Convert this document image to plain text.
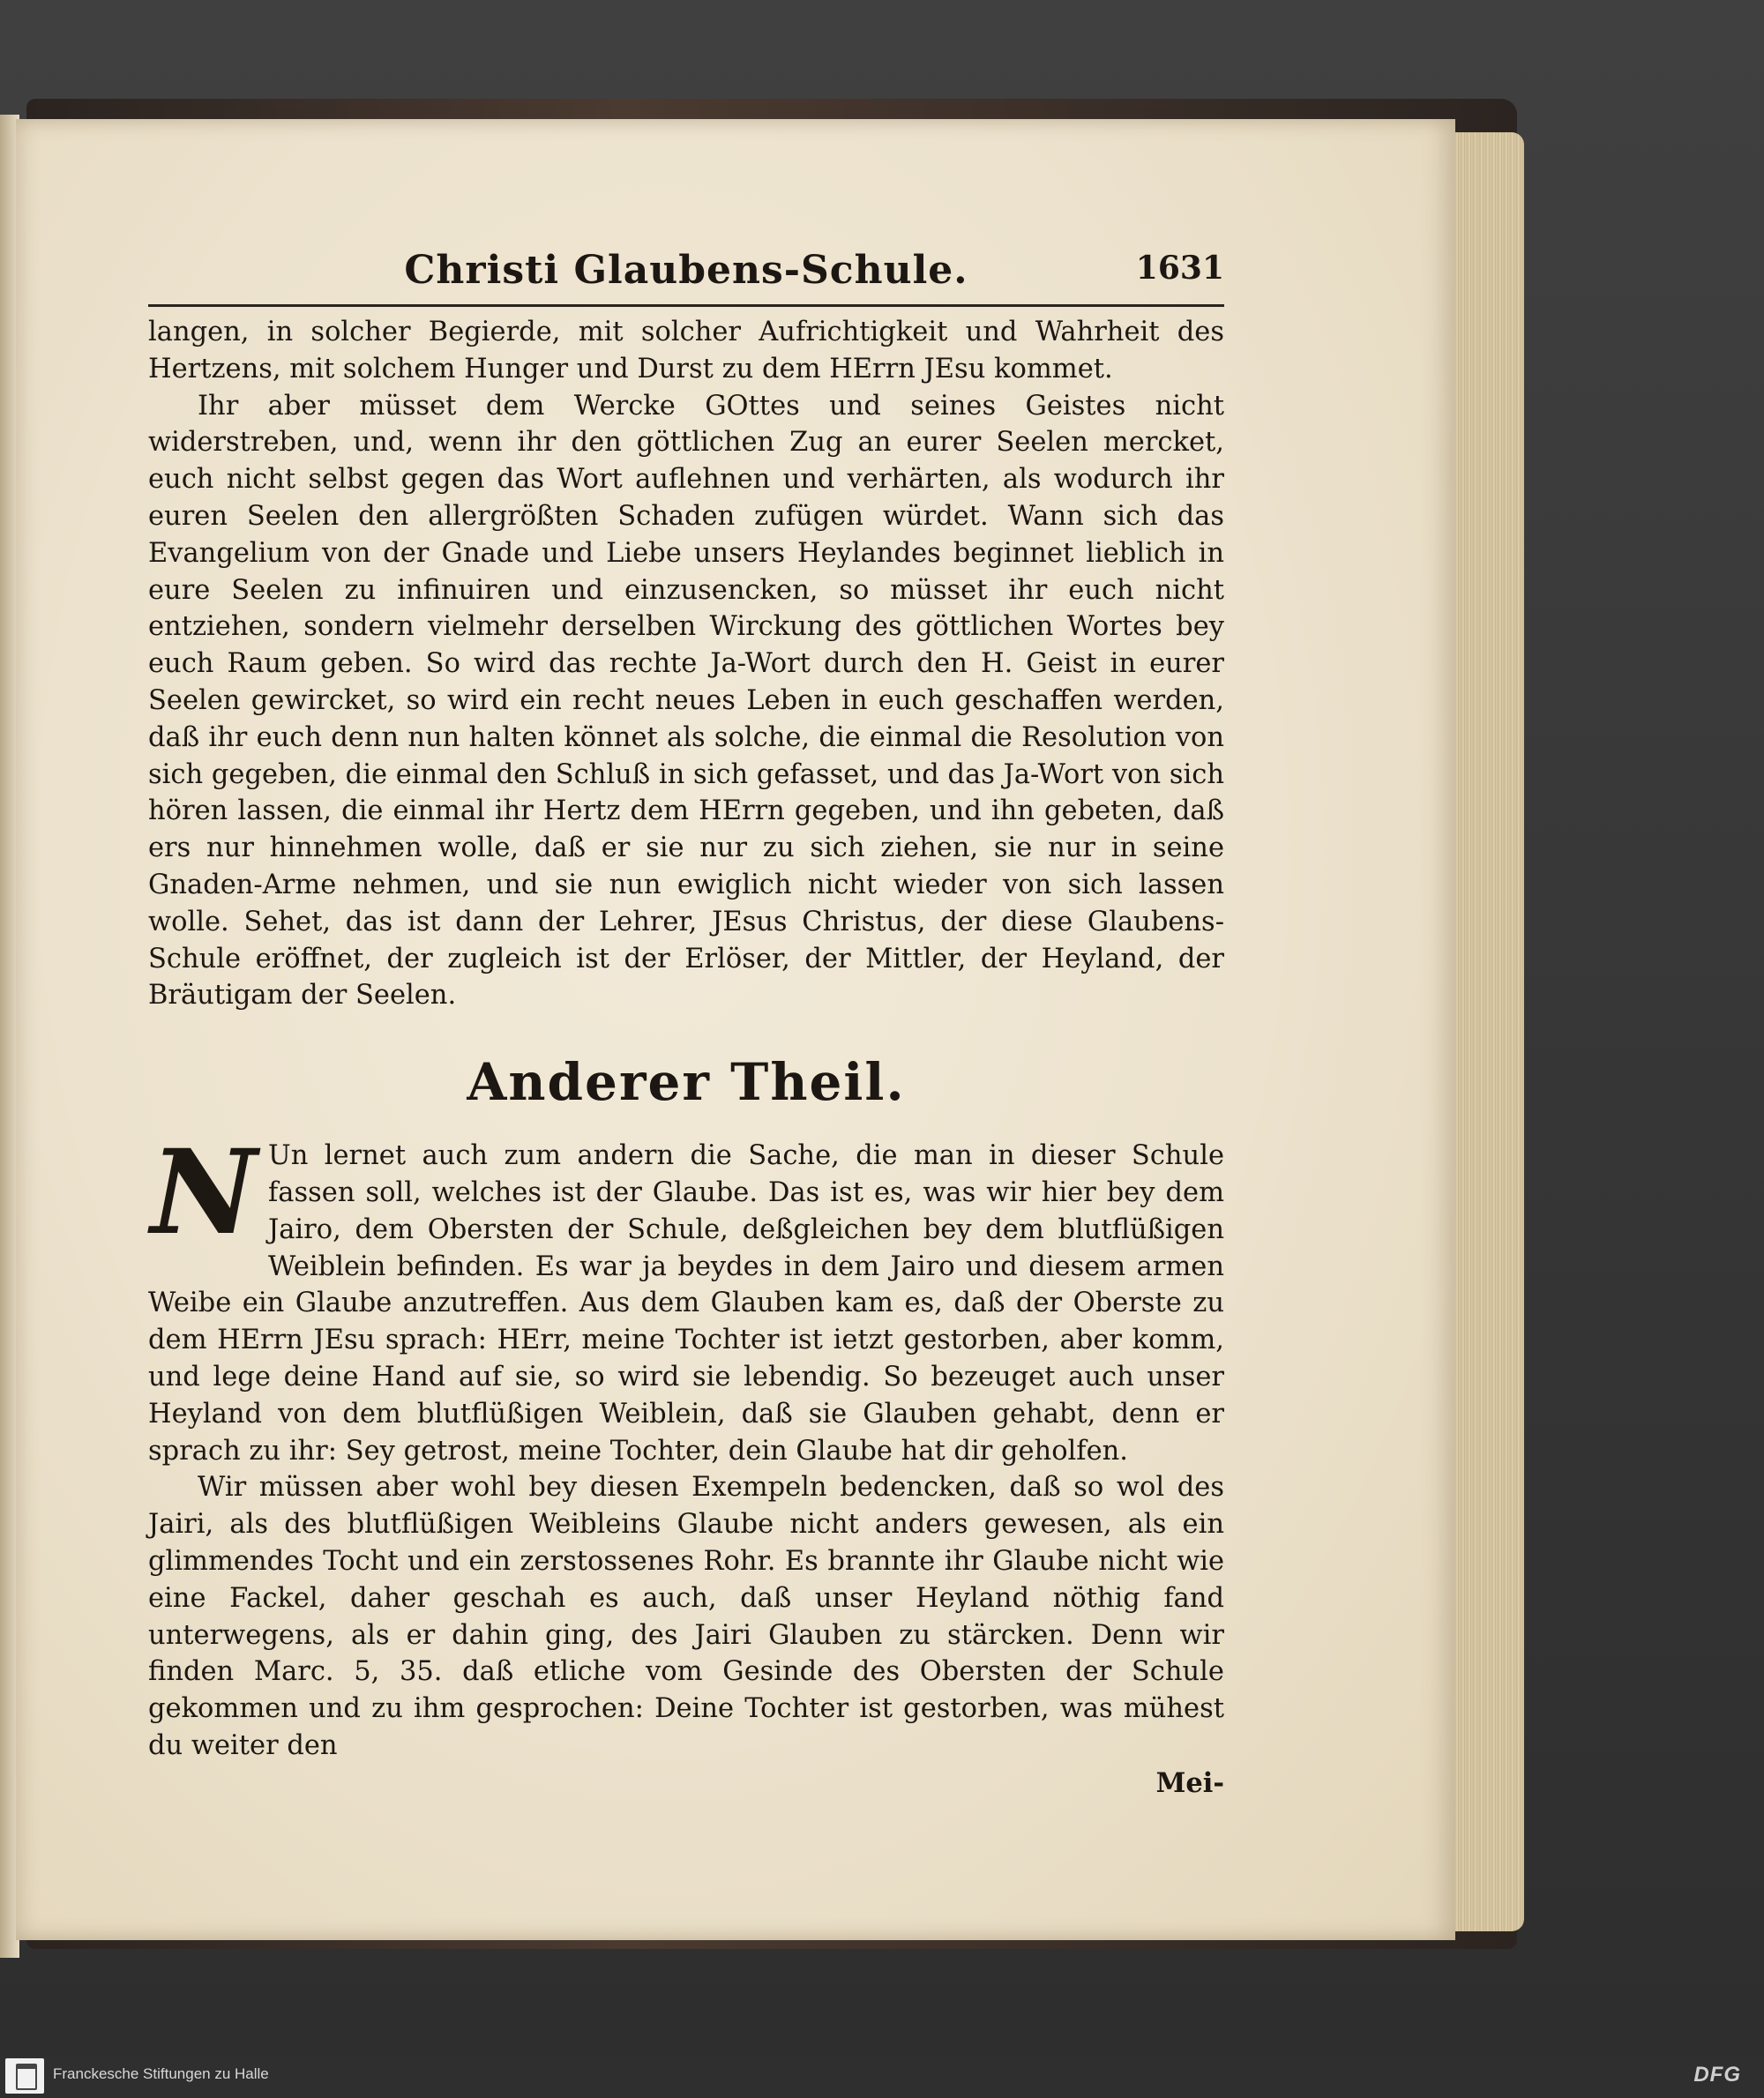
Christi Glaubens-Schule.	1631

langen, in solcher Begierde, mit solcher Aufrichtigkeit und Wahrheit des Hertzens, mit solchem Hunger und Durst zu dem HErrn JEsu kommet.

Ihr aber müsset dem Wercke GOttes und seines Geistes nicht widerstreben, und, wenn ihr den göttlichen Zug an eurer Seelen mercket, euch nicht selbst gegen das Wort auflehnen und verhärten, als wodurch ihr euren Seelen den allergrößten Schaden zufügen würdet. Wann sich das Evangelium von der Gnade und Liebe unsers Heylandes beginnet lieblich in eure Seelen zu infinuiren und einzusencken, so müsset ihr euch nicht entziehen, sondern vielmehr derselben Wirckung des göttlichen Wortes bey euch Raum geben. So wird das rechte Ja-Wort durch den H. Geist in eurer Seelen gewircket, so wird ein recht neues Leben in euch geschaffen werden, daß ihr euch denn nun halten könnet als solche, die einmal die Resolution von sich gegeben, die einmal den Schluß in sich gefasset, und das Ja-Wort von sich hören lassen, die einmal ihr Hertz dem HErrn gegeben, und ihn gebeten, daß ers nur hinnehmen wolle, daß er sie nur zu sich ziehen, sie nur in seine Gnaden-Arme nehmen, und sie nun ewiglich nicht wieder von sich lassen wolle. Sehet, das ist dann der Lehrer, JEsus Christus, der diese Glaubens-Schule eröffnet, der zugleich ist der Erlöser, der Mittler, der Heyland, der Bräutigam der Seelen.

Anderer Theil.
N Un lernet auch zum andern die Sache, die man in dieser Schule fassen soll, welches ist der Glaube. Das ist es, was wir hier bey dem Jairo, dem Obersten der Schule, deßgleichen bey dem blutflüßigen Weiblein befinden. Es war ja beydes in dem Jairo und diesem armen Weibe ein Glaube anzutreffen. Aus dem Glauben kam es, daß der Oberste zu dem HErrn JEsu sprach: HErr, meine Tochter ist ietzt gestorben, aber komm, und lege deine Hand auf sie, so wird sie lebendig. So bezeuget auch unser Heyland von dem blutflüßigen Weiblein, daß sie Glauben gehabt, denn er sprach zu ihr: Sey getrost, meine Tochter, dein Glaube hat dir geholfen.

Wir müssen aber wohl bey diesen Exempeln bedencken, daß so wol des Jairi, als des blutflüßigen Weibleins Glaube nicht anders gewesen, als ein glimmendes Tocht und ein zerstossenes Rohr. Es brannte ihr Glaube nicht wie eine Fackel, daher geschah es auch, daß unser Heyland nöthig fand unterwegens, als er dahin ging, des Jairi Glauben zu stärcken. Denn wir finden Marc. 5, 35. daß etliche vom Gesinde des Obersten der Schule gekommen und zu ihm gesprochen: Deine Tochter ist gestorben, was mühest du weiter den

Mei-

Franckesche Stiftungen zu Halle	DFG
